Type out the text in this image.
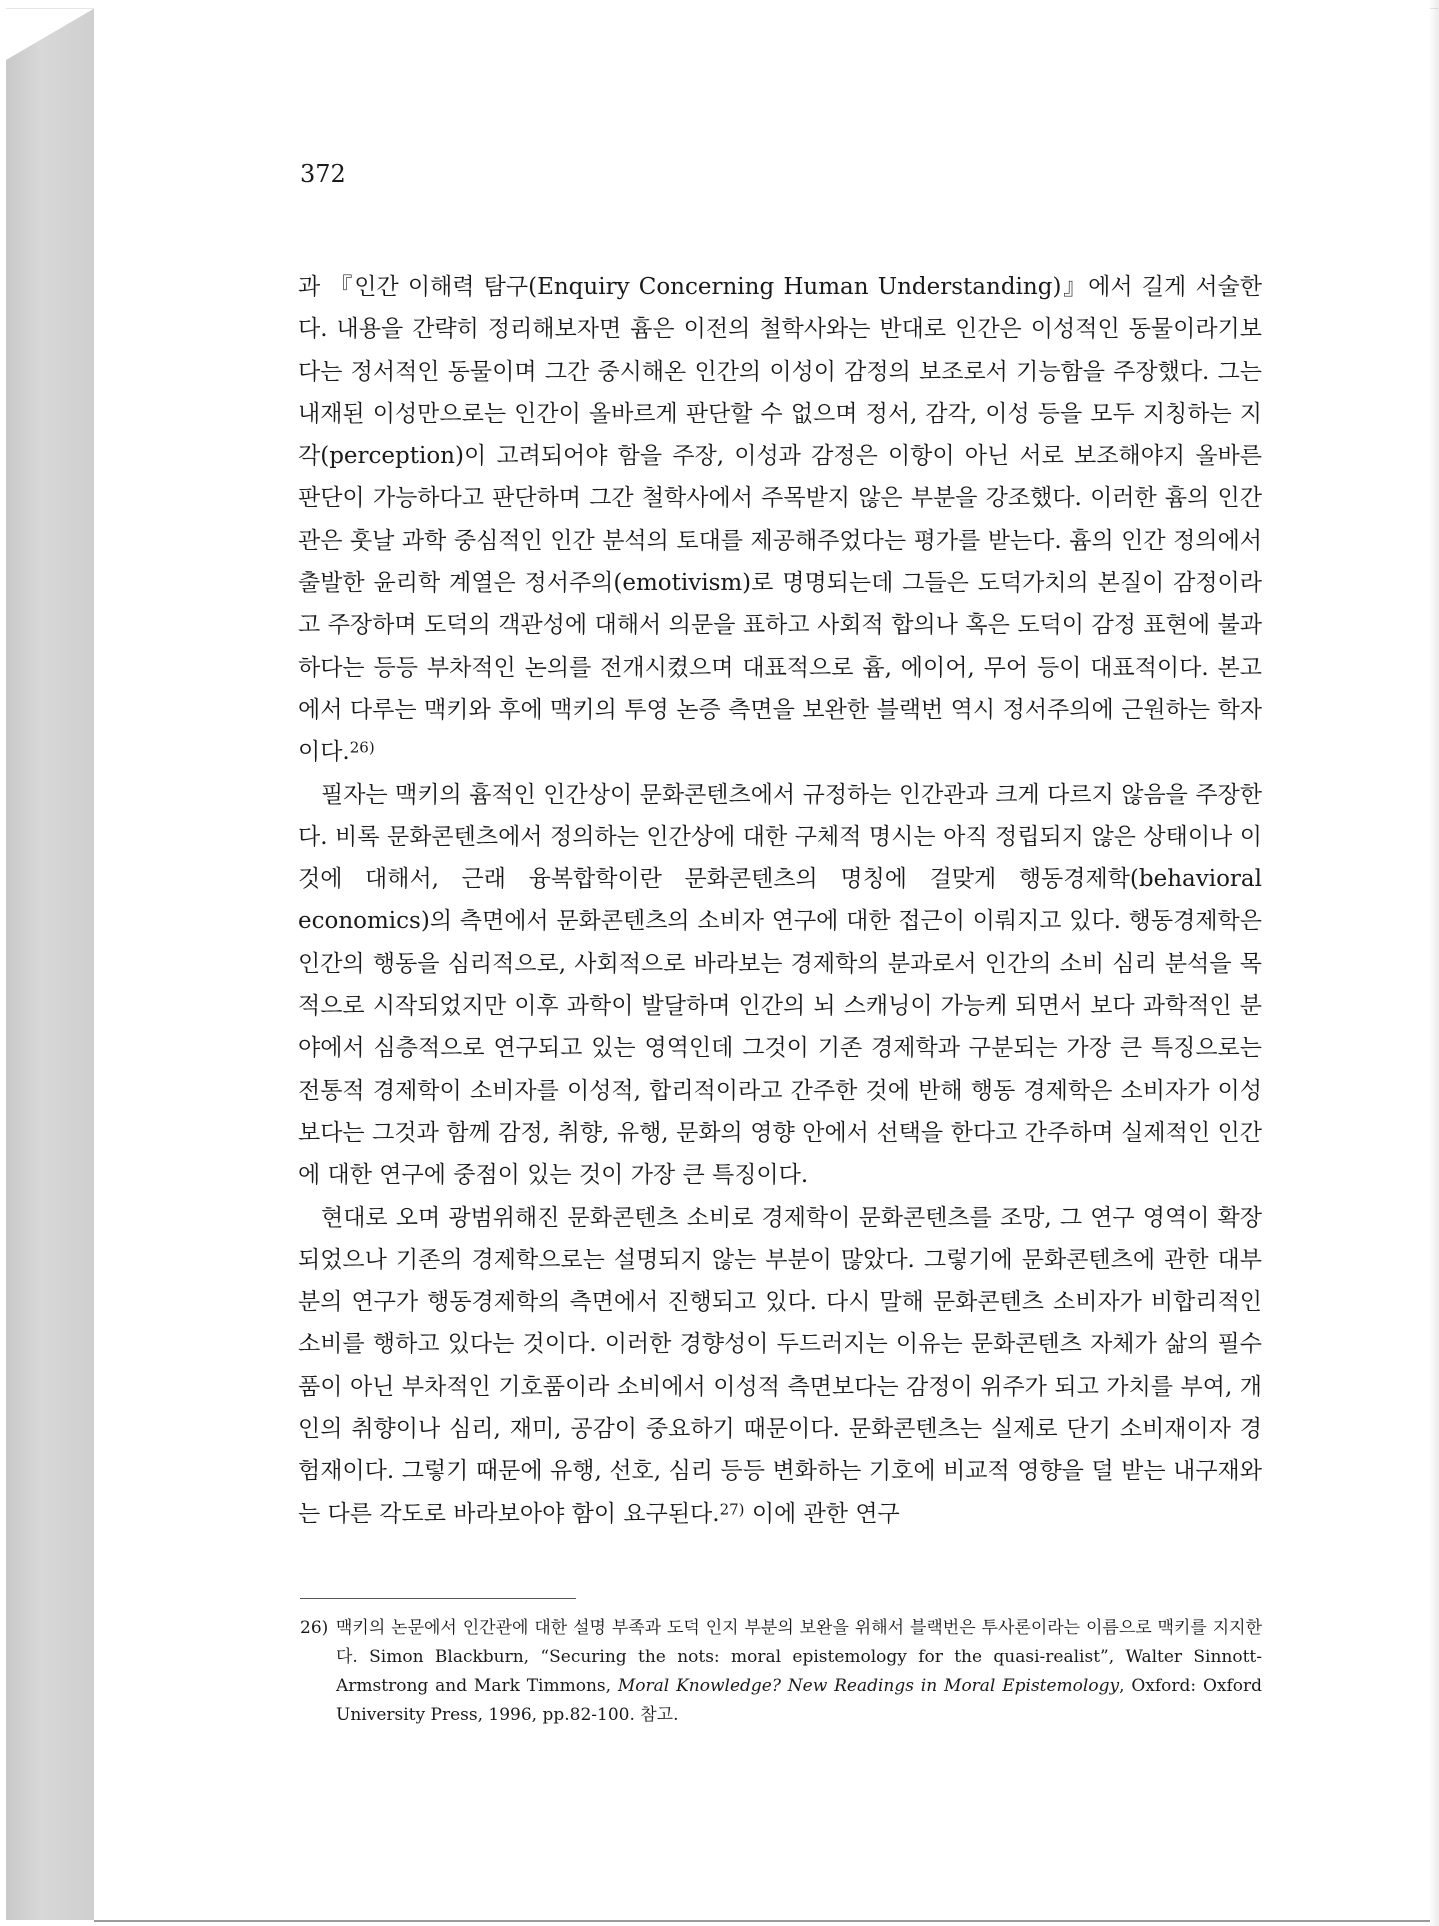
372

과 『인간 이해력 탐구(Enquiry Concerning Human Understanding)』에서 길게 서술한다. 내용을 간략히 정리해보자면 흄은 이전의 철학사와는 반대로 인간은 이성적인 동물이라기보다는 정서적인 동물이며 그간 중시해온 인간의 이성이 감정의 보조로서 기능함을 주장했다. 그는 내재된 이성만으로는 인간이 올바르게 판단할 수 없으며 정서, 감각, 이성 등을 모두 지칭하는 지각(perception)이 고려되어야 함을 주장, 이성과 감정은 이항이 아닌 서로 보조해야지 올바른 판단이 가능하다고 판단하며 그간 철학사에서 주목받지 않은 부분을 강조했다. 이러한 흄의 인간관은 훗날 과학 중심적인 인간 분석의 토대를 제공해주었다는 평가를 받는다. 흄의 인간 정의에서 출발한 윤리학 계열은 정서주의(emotivism)로 명명되는데 그들은 도덕가치의 본질이 감정이라고 주장하며 도덕의 객관성에 대해서 의문을 표하고 사회적 합의나 혹은 도덕이 감정 표현에 불과하다는 등등 부차적인 논의를 전개시켰으며 대표적으로 흄, 에이어, 무어 등이 대표적이다. 본고에서 다루는 맥키와 후에 맥키의 투영 논증 측면을 보완한 블랙번 역시 정서주의에 근원하는 학자이다.$^{26)}$

필자는 맥키의 흄적인 인간상이 문화콘텐츠에서 규정하는 인간관과 크게 다르지 않음을 주장한다. 비록 문화콘텐츠에서 정의하는 인간상에 대한 구체적 명시는 아직 정립되지 않은 상태이나 이것에 대해서, 근래 융복합학이란 문화콘텐츠의 명칭에 걸맞게 행동경제학(behavioral economics)의 측면에서 문화콘텐츠의 소비자 연구에 대한 접근이 이뤄지고 있다. 행동경제학은 인간의 행동을 심리적으로, 사회적으로 바라보는 경제학의 분과로서 인간의 소비 심리 분석을 목적으로 시작되었지만 이후 과학이 발달하며 인간의 뇌 스캐닝이 가능케 되면서 보다 과학적인 분야에서 심층적으로 연구되고 있는 영역인데 그것이 기존 경제학과 구분되는 가장 큰 특징으로는 전통적 경제학이 소비자를 이성적, 합리적이라고 간주한 것에 반해 행동 경제학은 소비자가 이성보다는 그것과 함께 감정, 취향, 유행, 문화의 영향 안에서 선택을 한다고 간주하며 실제적인 인간에 대한 연구에 중점이 있는 것이 가장 큰 특징이다.

현대로 오며 광범위해진 문화콘텐츠 소비로 경제학이 문화콘텐츠를 조망, 그 연구 영역이 확장되었으나 기존의 경제학으로는 설명되지 않는 부분이 많았다. 그렇기에 문화콘텐츠에 관한 대부분의 연구가 행동경제학의 측면에서 진행되고 있다. 다시 말해 문화콘텐츠 소비자가 비합리적인 소비를 행하고 있다는 것이다. 이러한 경향성이 두드러지는 이유는 문화콘텐츠 자체가 삶의 필수품이 아닌 부차적인 기호품이라 소비에서 이성적 측면보다는 감정이 위주가 되고 가치를 부여, 개인의 취향이나 심리, 재미, 공감이 중요하기 때문이다. 문화콘텐츠는 실제로 단기 소비재이자 경험재이다. 그렇기 때문에 유행, 선호, 심리 등등 변화하는 기호에 비교적 영향을 덜 받는 내구재와는 다른 각도로 바라보아야 함이 요구된다.$^{27)}$ 이에 관한 연구

26) 맥키의 논문에서 인간관에 대한 설명 부족과 도덕 인지 부분의 보완을 위해서 블랙번은 투사론이라는 이름으로 맥키를 지지한다. Simon Blackburn, “Securing the nots: moral epistemology for the quasi-realist”, Walter Sinnott-Armstrong and Mark Timmons, Moral Knowledge? New Readings in Moral Epistemology, Oxford: Oxford University Press, 1996, pp.82-100. 참고.
